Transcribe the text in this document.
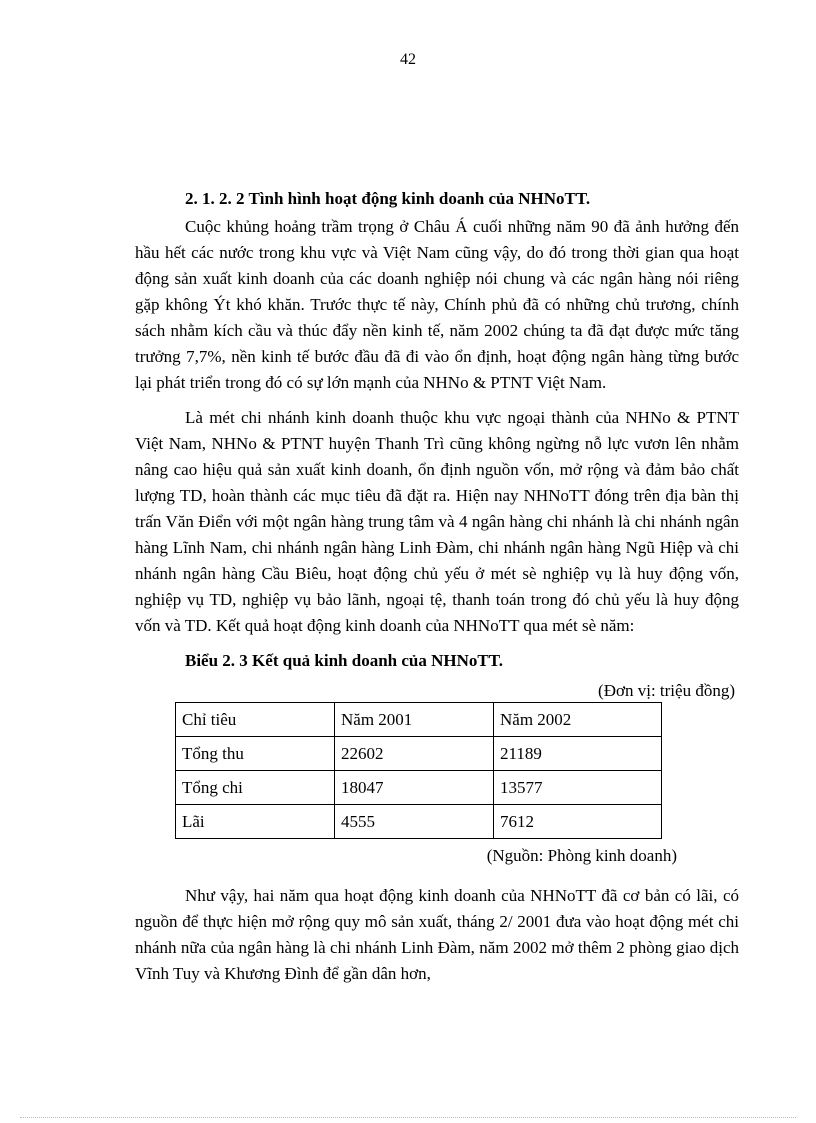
42

2. 1. 2. 2 Tình hình hoạt động kinh doanh của NHNoTT.

Cuộc khủng hoảng trầm trọng ở Châu Á cuối những năm 90 đã ảnh hưởng đến hầu hết các nước trong khu vực và Việt Nam cũng vậy, do đó trong thời gian qua hoạt động sản xuất kinh doanh của các doanh nghiệp nói chung và các ngân hàng nói riêng gặp không Ýt khó khăn. Trước thực tế này, Chính phủ đã có những chủ trương, chính sách nhằm kích cầu và thúc đẩy nền kinh tế, năm 2002 chúng ta đã đạt được mức tăng trưởng 7,7%, nền kinh tế bước đầu đã đi vào ổn định, hoạt động ngân hàng từng bước lại phát triển trong đó có sự lớn mạnh của NHNo & PTNT Việt Nam.

Là mét chi nhánh kinh doanh thuộc khu vực ngoại thành của NHNo & PTNT Việt Nam, NHNo & PTNT huyện Thanh Trì cũng không ngừng nỗ lực vươn lên nhằm nâng cao hiệu quả sản xuất kinh doanh, ổn định nguồn vốn, mở rộng và đảm bảo chất lượng TD, hoàn thành các mục tiêu đã đặt ra. Hiện nay NHNoTT đóng trên địa bàn thị trấn Văn Điển với một ngân hàng trung tâm và 4 ngân hàng chi nhánh là chi nhánh ngân hàng Lĩnh Nam, chi nhánh ngân hàng Linh Đàm, chi nhánh ngân hàng Ngũ Hiệp và chi nhánh ngân hàng Cầu Biêu, hoạt động chủ yếu ở mét sè nghiệp vụ là huy động vốn, nghiệp vụ TD, nghiệp vụ bảo lãnh, ngoại tệ, thanh toán trong đó chủ yếu là huy động vốn và TD. Kết quả hoạt động kinh doanh của NHNoTT qua mét sè năm:

Biểu 2. 3 Kết quả kinh doanh của NHNoTT.

(Đơn vị: triệu đồng)

Chỉ tiêu	Năm 2001	Năm 2002
Tổng thu	22602	21189
Tổng chi	18047	13577
Lãi	4555	7612

(Nguồn: Phòng kinh doanh)

Như vậy, hai năm qua hoạt động kinh doanh của NHNoTT đã cơ bản có lãi, có nguồn để thực hiện mở rộng quy mô sản xuất, tháng 2/ 2001 đưa vào hoạt động mét chi nhánh nữa của ngân hàng là chi nhánh Linh Đàm, năm 2002 mở thêm 2 phòng giao dịch Vĩnh Tuy và Khương Đình để gần dân hơn,
